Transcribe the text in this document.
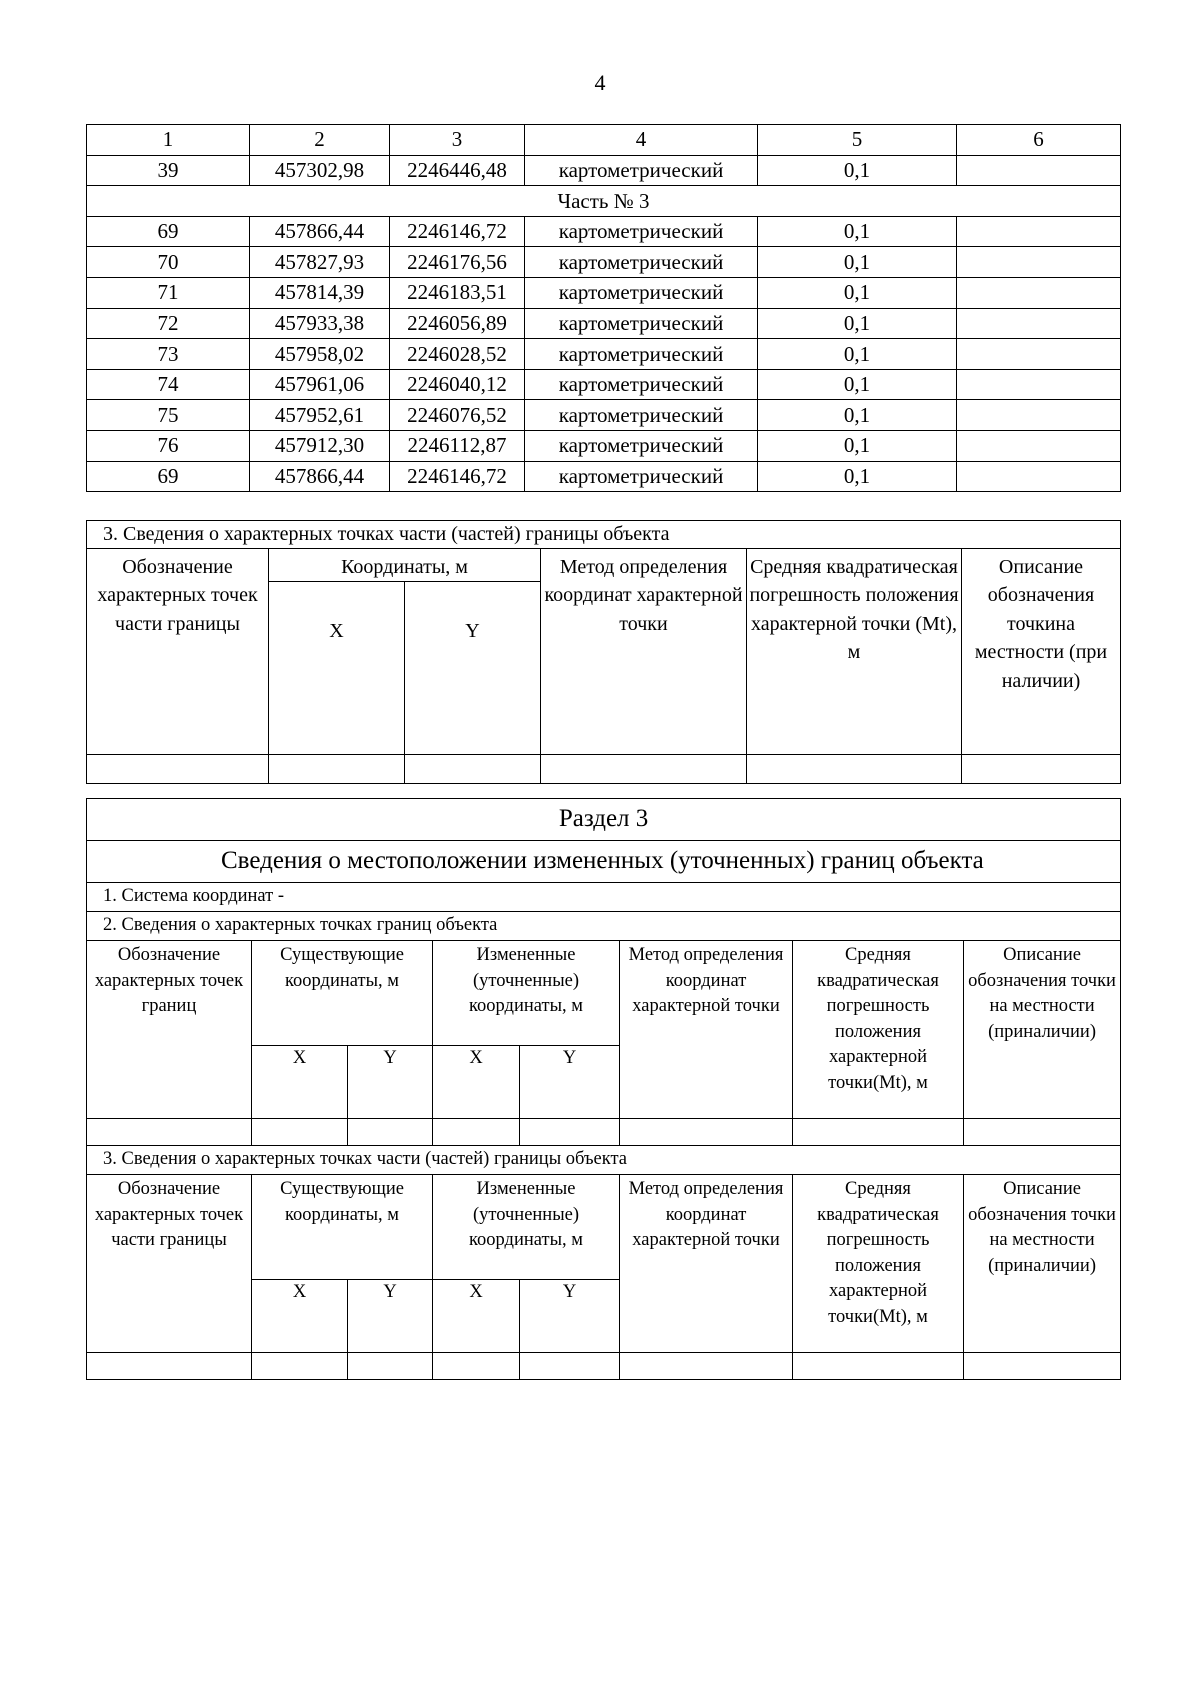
4
1	2	3	4	5	6
39	457302,98	2246446,48	картометрический	0,1	
Часть № 3					
69	457866,44	2246146,72	картометрический	0,1	
70	457827,93	2246176,56	картометрический	0,1	
71	457814,39	2246183,51	картометрический	0,1	
72	457933,38	2246056,89	картометрический	0,1	
73	457958,02	2246028,52	картометрический	0,1	
74	457961,06	2246040,12	картометрический	0,1	
75	457952,61	2246076,52	картометрический	0,1	
76	457912,30	2246112,87	картометрический	0,1	
69	457866,44	2246146,72	картометрический	0,1	
3. Сведения о характерных точках части (частей) границы объекта					
Обозначение характерных точек части границы	Координаты, м		Метод определения координат характерной точки	Средняя квадратическая погрешность положения характерной точки (Mt), м	Описание обозначения точкина местности (при наличии)
	X	Y			

Раздел 3							
Сведения о местоположении измененных (уточненных) границ объекта							
1. Система координат -							
2. Сведения о характерных точках границ объекта							
Обозначение характерных точек границ	Существующие координаты, м		Измененные (уточненные) координаты, м		Метод определения координат характерной точки	Средняя квадратическая погрешность положения характерной точки(Mt), м	Описание обозначения точки на местности (приналичии)
	X	Y	X	Y			

3. Сведения о характерных точках части (частей) границы объекта							
Обозначение характерных точек части границы	Существующие координаты, м		Измененные (уточненные) координаты, м		Метод определения координат характерной точки	Средняя квадратическая погрешность положения характерной точки(Mt), м	Описание обозначения точки на местности (приналичии)
	X	Y	X	Y			
